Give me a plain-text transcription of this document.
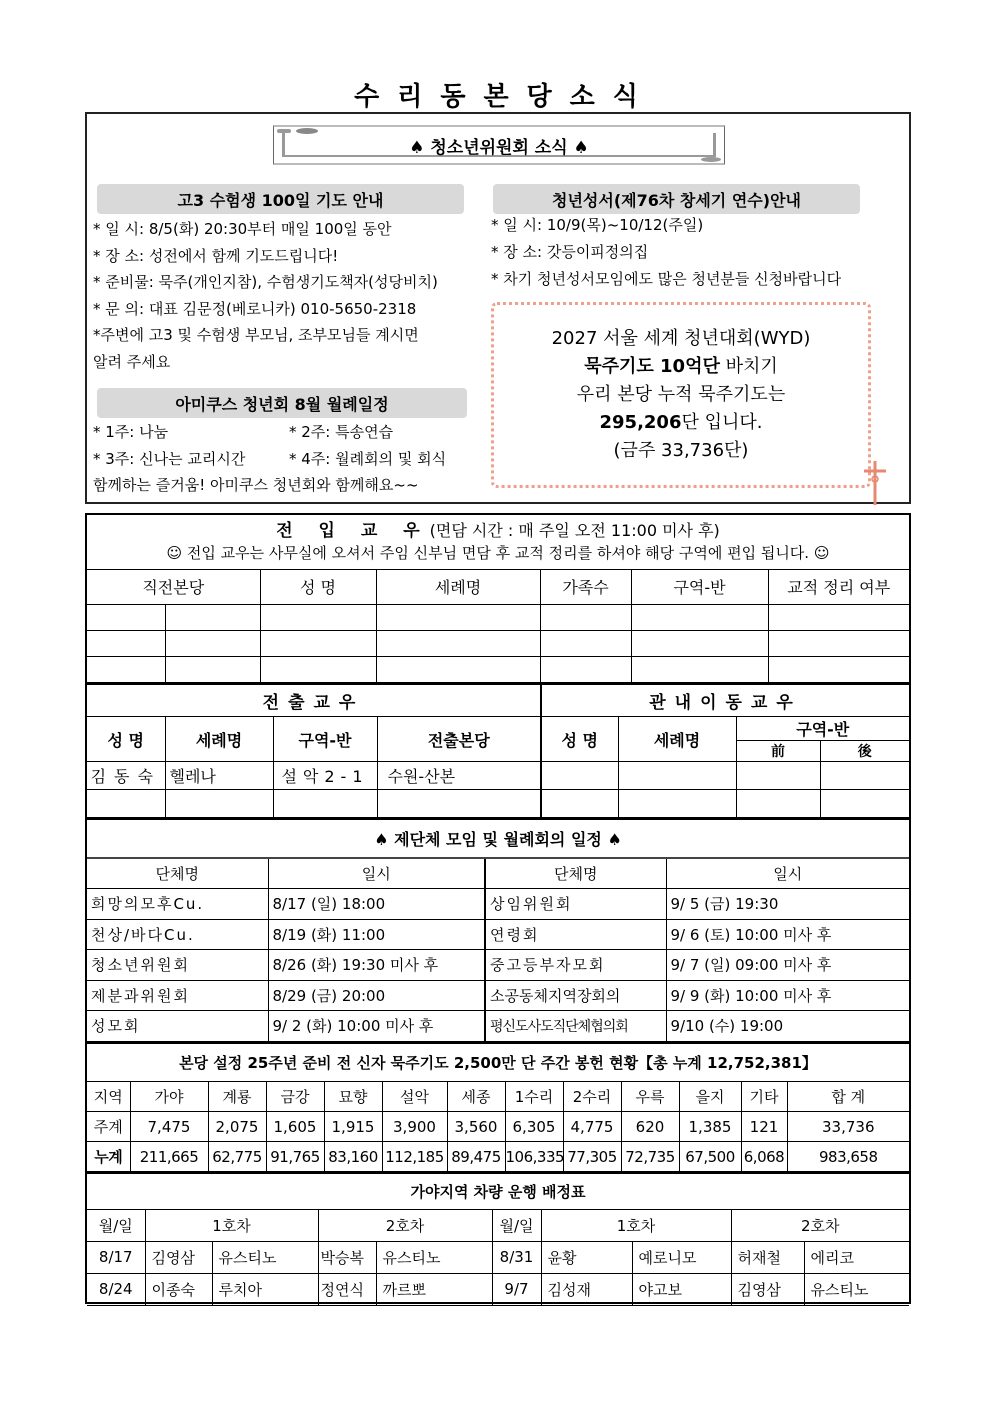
수리동본당소식
♠ 청소년위원회 소식 ♠
고3 수험생 100일 기도 안내
* 일 시: 8/5(화) 20:30부터 매일 100일 동안
* 장 소: 성전에서 함께 기도드립니다!
* 준비물: 묵주(개인지참), 수험생기도책자(성당비치)
* 문 의: 대표 김문정(베로니카) 010-5650-2318
*주변에 고3 및 수험생 부모님, 조부모님들 계시면
알려 주세요
아미쿠스 청년회 8월 월례일정
* 1주: 나눔	* 2주: 특송연습
* 3주: 신나는 교리시간	* 4주: 월례회의 및 회식
함께하는 즐거움! 아미쿠스 청년회와 함께해요~~
청년성서(제76차 창세기 연수)안내
* 일 시: 10/9(목)~10/12(주일)
* 장 소: 갓등이피정의집
* 차기 청년성서모임에도 많은 청년분들 신청바랍니다
2027 서울 세계 청년대회(WYD)
묵주기도 10억단 바치기
우리 본당 누적 묵주기도는
295,206단 입니다.
(금주 33,736단)
전 입 교 우(면담 시간 : 매 주일 오전 11:00 미사 후)
☺ 전입 교우는 사무실에 오셔서 주임 신부님 면담 후 교적 정리를 하셔야 해당 구역에 편입 됩니다. ☺
직전본당		성 명	세례명	가족수	구역-반	교적 정리 여부

전출교우				관내이동교우			
성 명	세례명	구역-반	전출본당	성 명	세례명	구역-반	
						前	後
김동숙	헬레나	설악2-1	수원-산본				

♠ 제단체 모임 및 월례회의 일정 ♠			
단체명	일시	단체명	일시
희망의모후Cu.	8/17 (일) 18:00	상임위원회	9/ 5 (금) 19:30
천상/바다Cu.	8/19 (화) 11:00	연령회	9/ 6 (토) 10:00 미사 후
청소년위원회	8/26 (화) 19:30 미사 후	중고등부자모회	9/ 7 (일) 09:00 미사 후
제분과위원회	8/29 (금) 20:00	소공동체지역장회의	9/ 9 (화) 10:00 미사 후
성모회	9/ 2 (화) 10:00 미사 후	평신도사도직단체협의회	9/10 (수) 19:00
본당 설정 25주년 준비 전 신자 묵주기도 2,500만 단 주간 봉헌 현황【총 누계 12,752,381】												
지역	가야	계룡	금강	묘향	설악	세종	1수리	2수리	우륵	을지	기타	합 계
주계	7,475	2,075	1,605	1,915	3,900	3,560	6,305	4,775	620	1,385	121	33,736
누계	211,665	62,775	91,765	83,160	112,185	89,475	106,335	77,305	72,735	67,500	6,068	983,658
가야지역 차량 운행 배정표									
월/일	1호차		2호차		월/일	1호차		2호차	
8/17	김영삼	유스티노	박승복	유스티노	8/31	윤황	예로니모	허재철	에리코
8/24	이종숙	루치아	정연식	까르뽀	9/7	김성재	야고보	김영삼	유스티노
